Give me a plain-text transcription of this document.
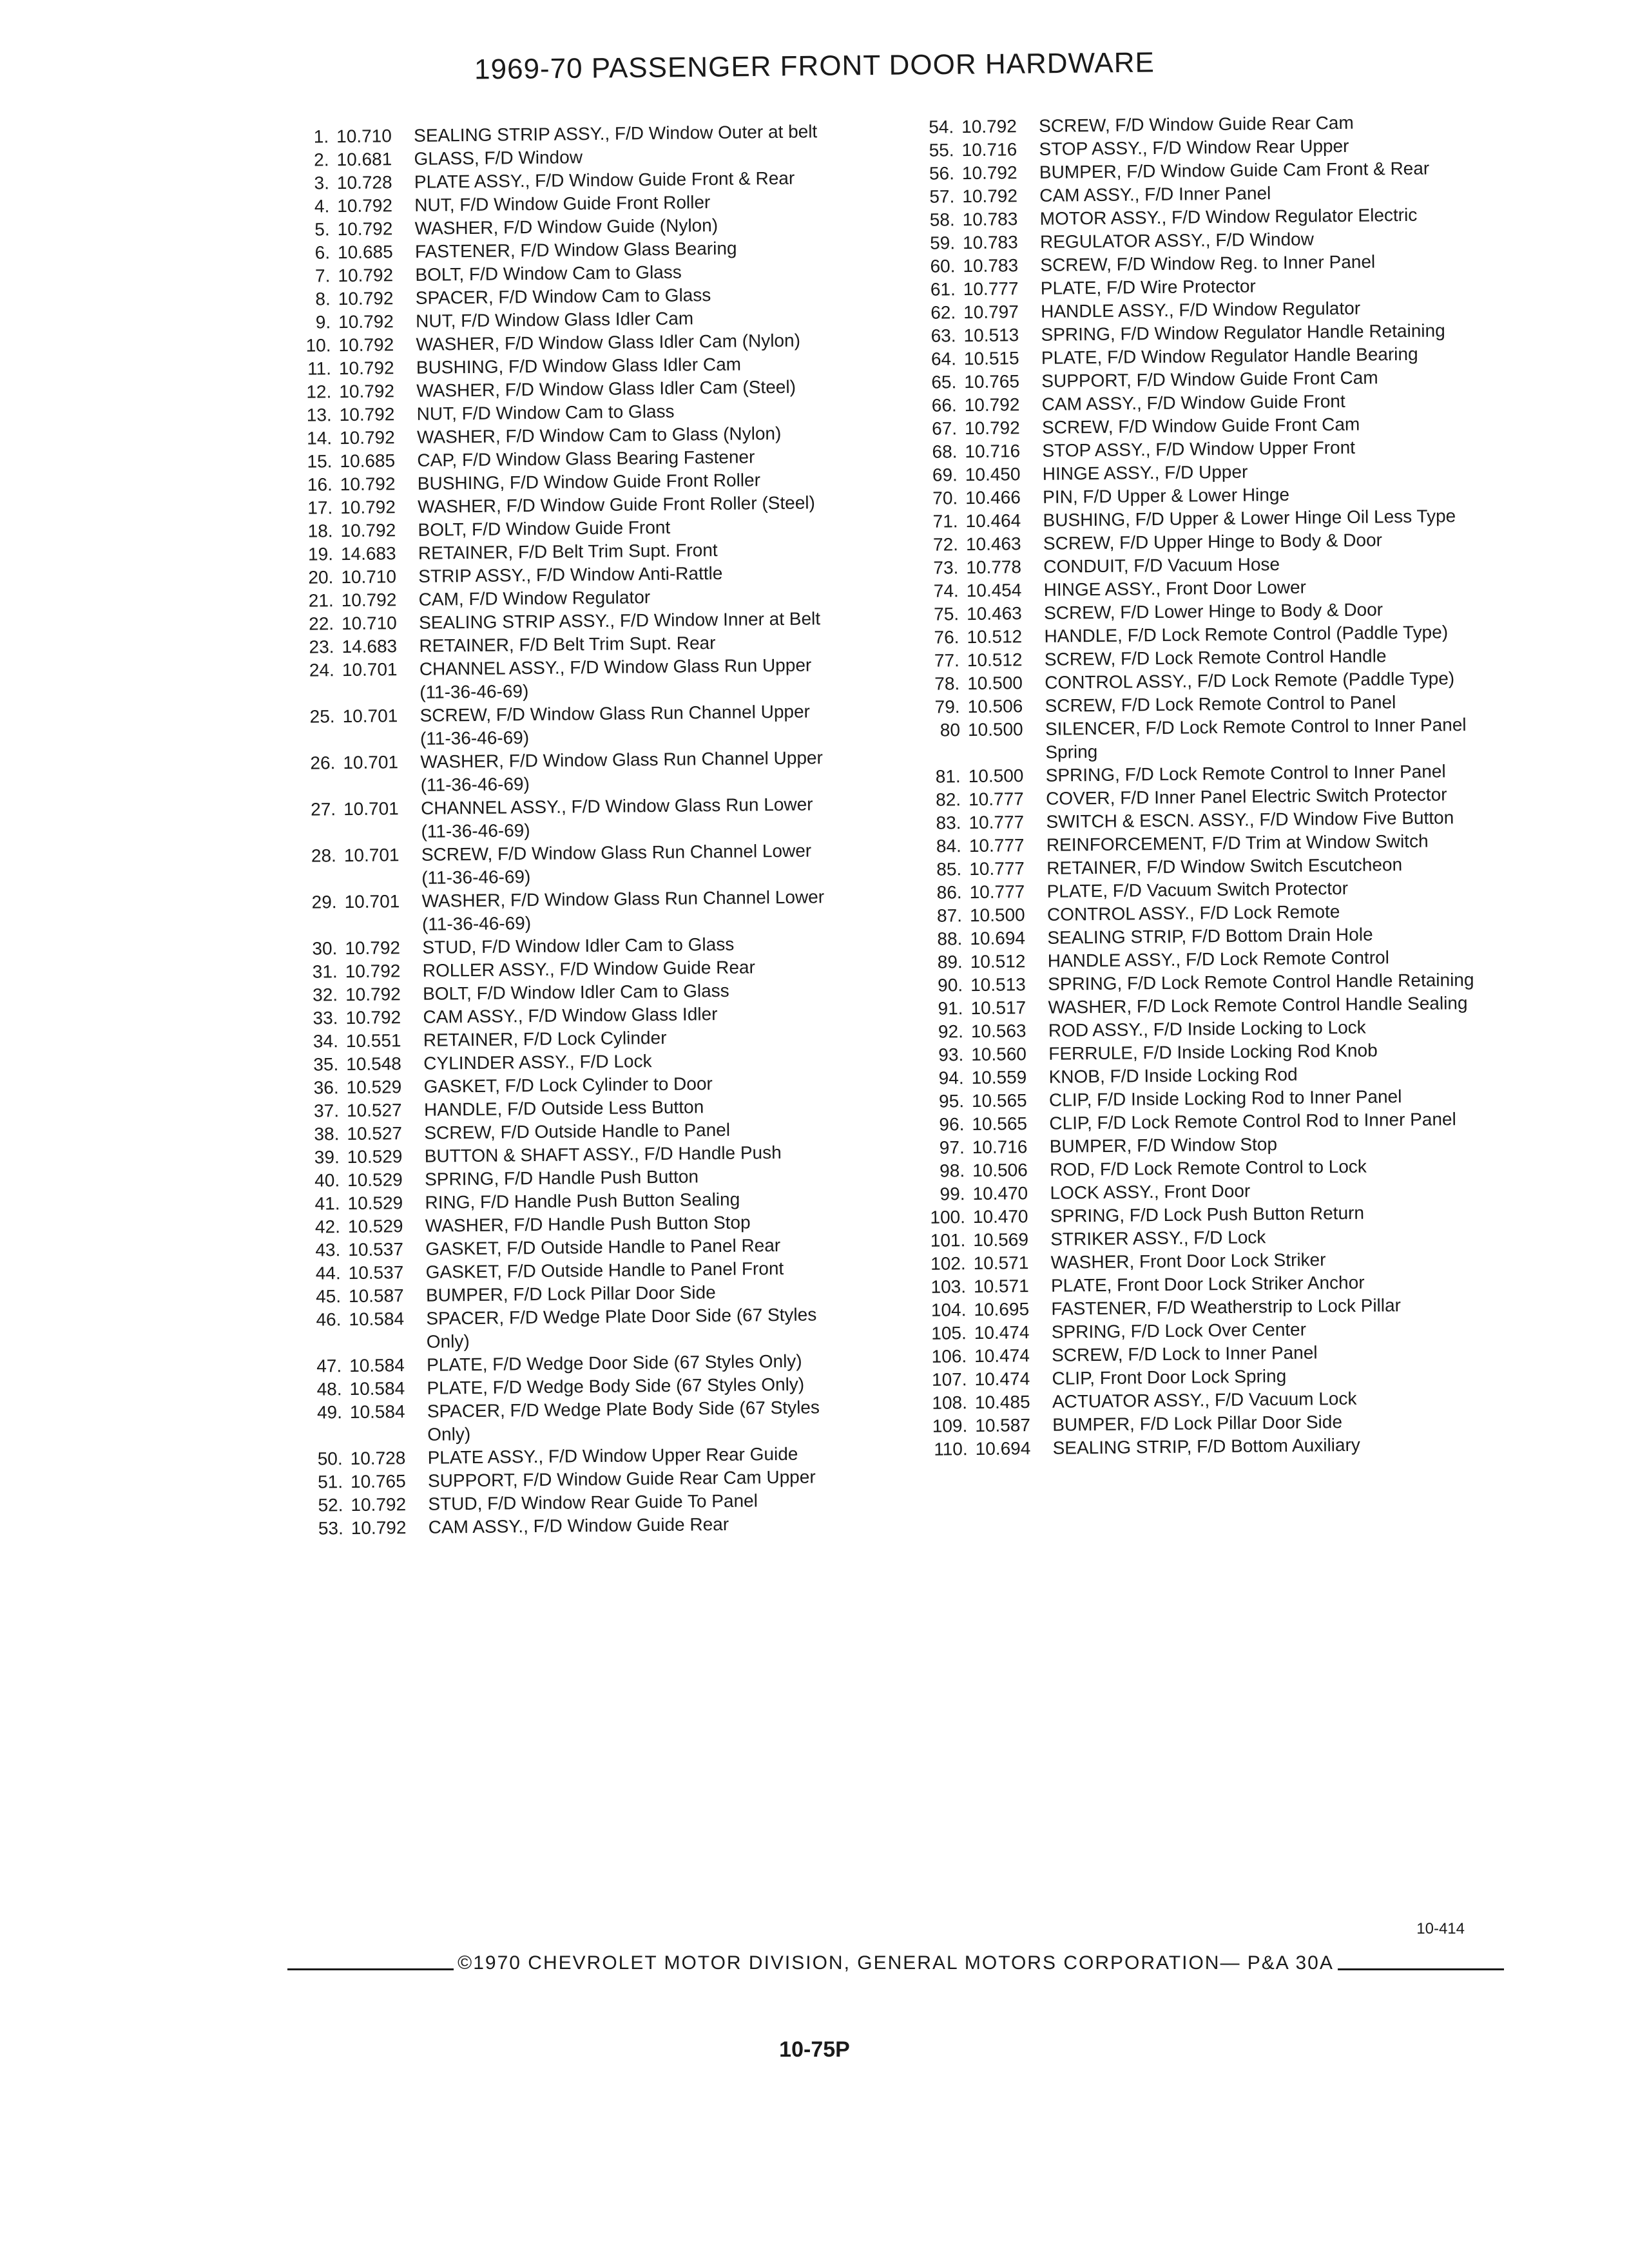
1969-70 PASSENGER FRONT DOOR HARDWARE
1. 10.710	SEALING STRIP ASSY., F/D Window Outer at belt
2. 10.681	GLASS, F/D Window
3. 10.728	PLATE ASSY., F/D Window Guide Front & Rear
4. 10.792	NUT, F/D Window Guide Front Roller
5. 10.792	WASHER, F/D Window Guide (Nylon)
6. 10.685	FASTENER, F/D Window Glass Bearing
7. 10.792	BOLT, F/D Window Cam to Glass
8. 10.792	SPACER, F/D Window Cam to Glass
9. 10.792	NUT, F/D Window Glass Idler Cam
10. 10.792	WASHER, F/D Window Glass Idler Cam (Nylon)
11. 10.792	BUSHING, F/D Window Glass Idler Cam
12. 10.792	WASHER, F/D Window Glass Idler Cam (Steel)
13. 10.792	NUT, F/D Window Cam to Glass
14. 10.792	WASHER, F/D Window Cam to Glass (Nylon)
15. 10.685	CAP, F/D Window Glass Bearing Fastener
16. 10.792	BUSHING, F/D Window Guide Front Roller
17. 10.792	WASHER, F/D Window Guide Front Roller (Steel)
18. 10.792	BOLT, F/D Window Guide Front
19. 14.683	RETAINER, F/D Belt Trim Supt. Front
20. 10.710	STRIP ASSY., F/D Window Anti-Rattle
21. 10.792	CAM, F/D Window Regulator
22. 10.710	SEALING STRIP ASSY., F/D Window Inner at Belt
23. 14.683	RETAINER, F/D Belt Trim Supt. Rear
24. 10.701	CHANNEL ASSY., F/D Window Glass Run Upper (11-36-46-69)
25. 10.701	SCREW, F/D Window Glass Run Channel Upper (11-36-46-69)
26. 10.701	WASHER, F/D Window Glass Run Channel Upper (11-36-46-69)
27. 10.701	CHANNEL ASSY., F/D Window Glass Run Lower (11-36-46-69)
28. 10.701	SCREW, F/D Window Glass Run Channel Lower (11-36-46-69)
29. 10.701	WASHER, F/D Window Glass Run Channel Lower (11-36-46-69)
30. 10.792	STUD, F/D Window Idler Cam to Glass
31. 10.792	ROLLER ASSY., F/D Window Guide Rear
32. 10.792	BOLT, F/D Window Idler Cam to Glass
33. 10.792	CAM ASSY., F/D Window Glass Idler
34. 10.551	RETAINER, F/D Lock Cylinder
35. 10.548	CYLINDER ASSY., F/D Lock
36. 10.529	GASKET, F/D Lock Cylinder to Door
37. 10.527	HANDLE, F/D Outside Less Button
38. 10.527	SCREW, F/D Outside Handle to Panel
39. 10.529	BUTTON & SHAFT ASSY., F/D Handle Push
40. 10.529	SPRING, F/D Handle Push Button
41. 10.529	RING, F/D Handle Push Button Sealing
42. 10.529	WASHER, F/D Handle Push Button Stop
43. 10.537	GASKET, F/D Outside Handle to Panel Rear
44. 10.537	GASKET, F/D Outside Handle to Panel Front
45. 10.587	BUMPER, F/D Lock Pillar Door Side
46. 10.584	SPACER, F/D Wedge Plate Door Side (67 Styles Only)
47. 10.584	PLATE, F/D Wedge Door Side (67 Styles Only)
48. 10.584	PLATE, F/D Wedge Body Side (67 Styles Only)
49. 10.584	SPACER, F/D Wedge Plate Body Side (67 Styles Only)
50. 10.728	PLATE ASSY., F/D Window Upper Rear Guide
51. 10.765	SUPPORT, F/D Window Guide Rear Cam Upper
52. 10.792	STUD, F/D Window Rear Guide To Panel
53. 10.792	CAM ASSY., F/D Window Guide Rear
54. 10.792	SCREW, F/D Window Guide Rear Cam
55. 10.716	STOP ASSY., F/D Window Rear Upper
56. 10.792	BUMPER, F/D Window Guide Cam Front & Rear
57. 10.792	CAM ASSY., F/D Inner Panel
58. 10.783	MOTOR ASSY., F/D Window Regulator Electric
59. 10.783	REGULATOR ASSY., F/D Window
60. 10.783	SCREW, F/D Window Reg. to Inner Panel
61. 10.777	PLATE, F/D Wire Protector
62. 10.797	HANDLE ASSY., F/D Window Regulator
63. 10.513	SPRING, F/D Window Regulator Handle Retaining
64. 10.515	PLATE, F/D Window Regulator Handle Bearing
65. 10.765	SUPPORT, F/D Window Guide Front Cam
66. 10.792	CAM ASSY., F/D Window Guide Front
67. 10.792	SCREW, F/D Window Guide Front Cam
68. 10.716	STOP ASSY., F/D Window Upper Front
69. 10.450	HINGE ASSY., F/D Upper
70. 10.466	PIN, F/D Upper & Lower Hinge
71. 10.464	BUSHING, F/D Upper & Lower Hinge Oil Less Type
72. 10.463	SCREW, F/D Upper Hinge to Body & Door
73. 10.778	CONDUIT, F/D Vacuum Hose
74. 10.454	HINGE ASSY., Front Door Lower
75. 10.463	SCREW, F/D Lower Hinge to Body & Door
76. 10.512	HANDLE, F/D Lock Remote Control (Paddle Type)
77. 10.512	SCREW, F/D Lock Remote Control Handle
78. 10.500	CONTROL ASSY., F/D Lock Remote (Paddle Type)
79. 10.506	SCREW, F/D Lock Remote Control to Panel
80 10.500	SILENCER, F/D Lock Remote Control to Inner Panel Spring
81. 10.500	SPRING, F/D Lock Remote Control to Inner Panel
82. 10.777	COVER, F/D Inner Panel Electric Switch Protector
83. 10.777	SWITCH & ESCN. ASSY., F/D Window Five Button
84. 10.777	REINFORCEMENT, F/D Trim at Window Switch
85. 10.777	RETAINER, F/D Window Switch Escutcheon
86. 10.777	PLATE, F/D Vacuum Switch Protector
87. 10.500	CONTROL ASSY., F/D Lock Remote
88. 10.694	SEALING STRIP, F/D Bottom Drain Hole
89. 10.512	HANDLE ASSY., F/D Lock Remote Control
90. 10.513	SPRING, F/D Lock Remote Control Handle Retaining
91. 10.517	WASHER, F/D Lock Remote Control Handle Sealing
92. 10.563	ROD ASSY., F/D Inside Locking to Lock
93. 10.560	FERRULE, F/D Inside Locking Rod Knob
94. 10.559	KNOB, F/D Inside Locking Rod
95. 10.565	CLIP, F/D Inside Locking Rod to Inner Panel
96. 10.565	CLIP, F/D Lock Remote Control Rod to Inner Panel
97. 10.716	BUMPER, F/D Window Stop
98. 10.506	ROD, F/D Lock Remote Control to Lock
99. 10.470	LOCK ASSY., Front Door
100. 10.470	SPRING, F/D Lock Push Button Return
101. 10.569	STRIKER ASSY., F/D Lock
102. 10.571	WASHER, Front Door Lock Striker
103. 10.571	PLATE, Front Door Lock Striker Anchor
104. 10.695	FASTENER, F/D Weatherstrip to Lock Pillar
105. 10.474	SPRING, F/D Lock Over Center
106. 10.474	SCREW, F/D Lock to Inner Panel
107. 10.474	CLIP, Front Door Lock Spring
108. 10.485	ACTUATOR ASSY., F/D Vacuum Lock
109. 10.587	BUMPER, F/D Lock Pillar Door Side
110. 10.694	SEALING STRIP, F/D Bottom Auxiliary
10-414
©1970 CHEVROLET MOTOR DIVISION, GENERAL MOTORS CORPORATION— P&A 30A
10-75P
